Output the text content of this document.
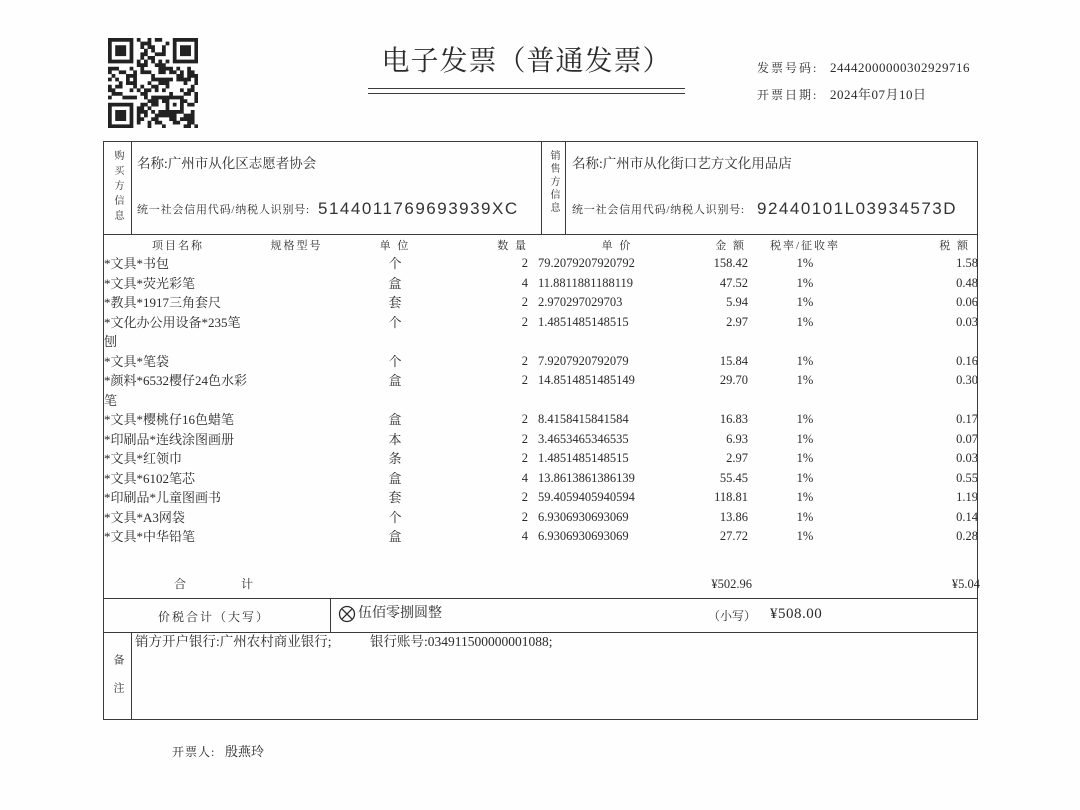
电子发票（普通发票）	发票号码: 24442000000302929716
开票日期: 2024年07月10日
购买方信息 名称:广州市从化区志愿者协会
统一社会信用代码/纳税人识别号: 5144011769693939XC	销售方信息 名称:广州市从化街口艺方文化用品店
统一社会信用代码/纳税人识别号: 92440101L03934573D
项目名称	规格型号	单 位	数 量	单 价	金 额	税率/征收率	税 额
*文具*书包		个	2	79.2079207920792	158.42	1%	1.58
*文具*荧光彩笔		盒	4	11.8811881188119	47.52	1%	0.48
*教具*1917三角套尺		套	2	2.970297029703	5.94	1%	0.06
*文化办公用设备*235笔刨		个	2	1.4851485148515	2.97	1%	0.03
*文具*笔袋		个	2	7.9207920792079	15.84	1%	0.16
*颜料*6532樱仔24色水彩笔		盒	2	14.8514851485149	29.70	1%	0.30
*文具*樱桃仔16色蜡笔		盒	2	8.4158415841584	16.83	1%	0.17
*印刷品*连线涂图画册		本	2	3.4653465346535	6.93	1%	0.07
*文具*红领巾		条	2	1.4851485148515	2.97	1%	0.03
*文具*6102笔芯		盒	4	13.8613861386139	55.45	1%	0.55
*印刷品*儿童图画书		套	2	59.4059405940594	118.81	1%	1.19
*文具*A3网袋		个	2	6.9306930693069	13.86	1%	0.14
*文具*中华铅笔		盒	4	6.9306930693069	27.72	1%	0.28
合 计	¥502.96	¥5.04
价税合计（大写）	伍佰零捌圆整	（小写） ¥508.00
备注
销方开户银行:广州农村商业银行;	银行账号:034911500000001088;
开票人: 殷燕玲
